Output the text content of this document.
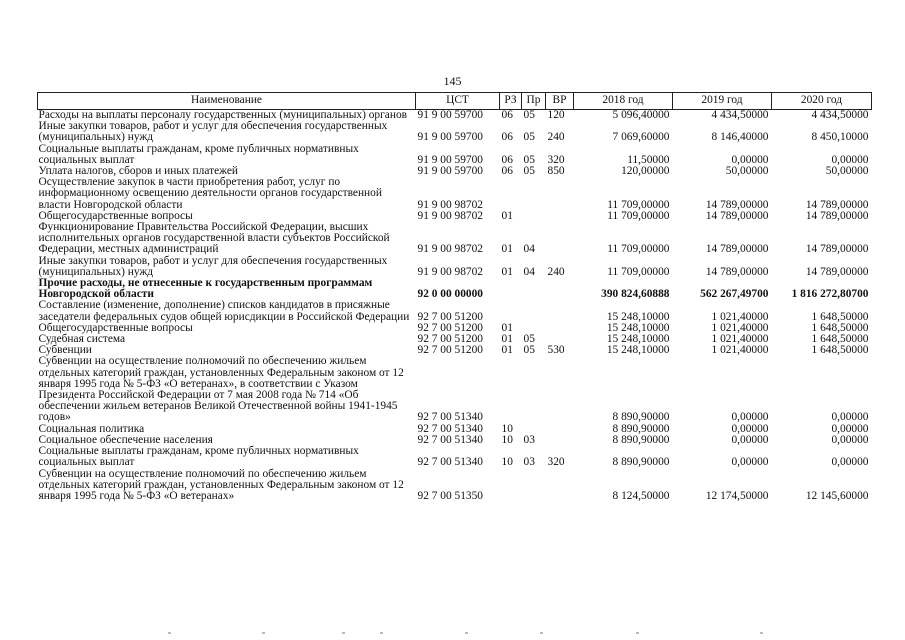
145
Наименование	ЦСТ	РЗ	Пр	ВР	2018 год	2019 год	2020 год
Расходы на выплаты персоналу государственных (муниципальных) органов	91 9 00 59700	06	05	120	5 096,40000	4 434,50000	4 434,50000
Иные закупки товаров, работ и услуг для обеспечения государственных (муниципальных) нужд	91 9 00 59700	06	05	240	7 069,60000	8 146,40000	8 450,10000
Социальные выплаты гражданам, кроме публичных нормативных социальных выплат	91 9 00 59700	06	05	320	11,50000	0,00000	0,00000
Уплата налогов, сборов и иных платежей	91 9 00 59700	06	05	850	120,00000	50,00000	50,00000
Осуществление закупок в части приобретения работ, услуг по информационному освещению деятельности органов государственной власти Новгородской области	91 9 00 98702				11 709,00000	14 789,00000	14 789,00000
Общегосударственные вопросы	91 9 00 98702	01			11 709,00000	14 789,00000	14 789,00000
Функционирование Правительства Российской Федерации, высших исполнительных органов государственной власти субъектов Российской Федерации, местных администраций	91 9 00 98702	01	04		11 709,00000	14 789,00000	14 789,00000
Иные закупки товаров, работ и услуг для обеспечения государственных (муниципальных) нужд	91 9 00 98702	01	04	240	11 709,00000	14 789,00000	14 789,00000
Прочие расходы, не отнесенные к государственным программам Новгородской области	92 0 00 00000				390 824,60888	562 267,49700	1 816 272,80700
Составление (изменение, дополнение) списков кандидатов в присяжные заседатели федеральных судов общей юрисдикции в Российской Федерации	92 7 00 51200				15 248,10000	1 021,40000	1 648,50000
Общегосударственные вопросы	92 7 00 51200	01			15 248,10000	1 021,40000	1 648,50000
Судебная система	92 7 00 51200	01	05		15 248,10000	1 021,40000	1 648,50000
Субвенции	92 7 00 51200	01	05	530	15 248,10000	1 021,40000	1 648,50000
Субвенции на осуществление полномочий по обеспечению жильем отдельных категорий граждан, установленных Федеральным законом от 12 января 1995 года № 5-ФЗ «О ветеранах», в соответствии с Указом Президента Российской Федерации от 7 мая 2008 года № 714 «Об обеспечении жильем ветеранов Великой Отечественной войны 1941-1945 годов»	92 7 00 51340				8 890,90000	0,00000	0,00000
Социальная политика	92 7 00 51340	10			8 890,90000	0,00000	0,00000
Социальное обеспечение населения	92 7 00 51340	10	03		8 890,90000	0,00000	0,00000
Социальные выплаты гражданам, кроме публичных нормативных социальных выплат	92 7 00 51340	10	03	320	8 890,90000	0,00000	0,00000
Субвенции на осуществление полномочий по обеспечению жильем отдельных категорий граждан, установленных Федеральным законом от 12 января 1995 года № 5-ФЗ «О ветеранах»	92 7 00 51350				8 124,50000	12 174,50000	12 145,60000
